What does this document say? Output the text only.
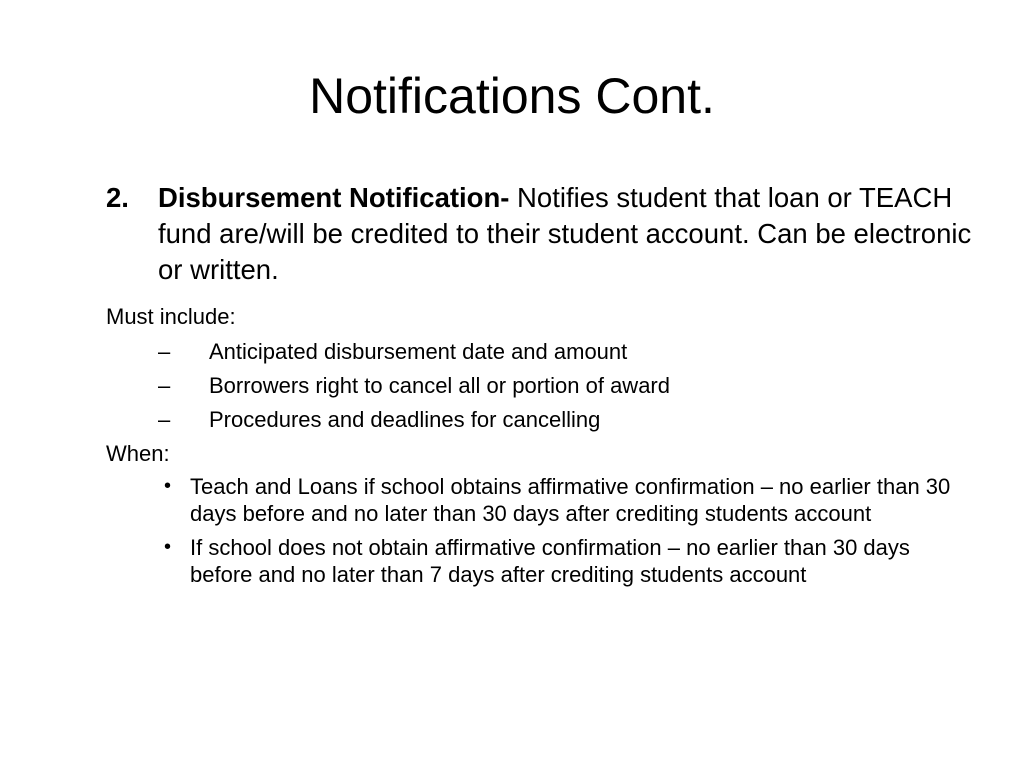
Notifications Cont.
2. Disbursement Notification- Notifies student that loan or TEACH fund are/will be credited to their student account. Can be electronic or written.

Must include:

– Anticipated disbursement date and amount
– Borrowers right to cancel all or portion of award
– Procedures and deadlines for cancelling

When:

• Teach and Loans if school obtains affirmative confirmation – no earlier than 30 days before and no later than 30 days after crediting students account
• If school does not obtain affirmative confirmation – no earlier than 30 days before and no later than 7 days after crediting students account
